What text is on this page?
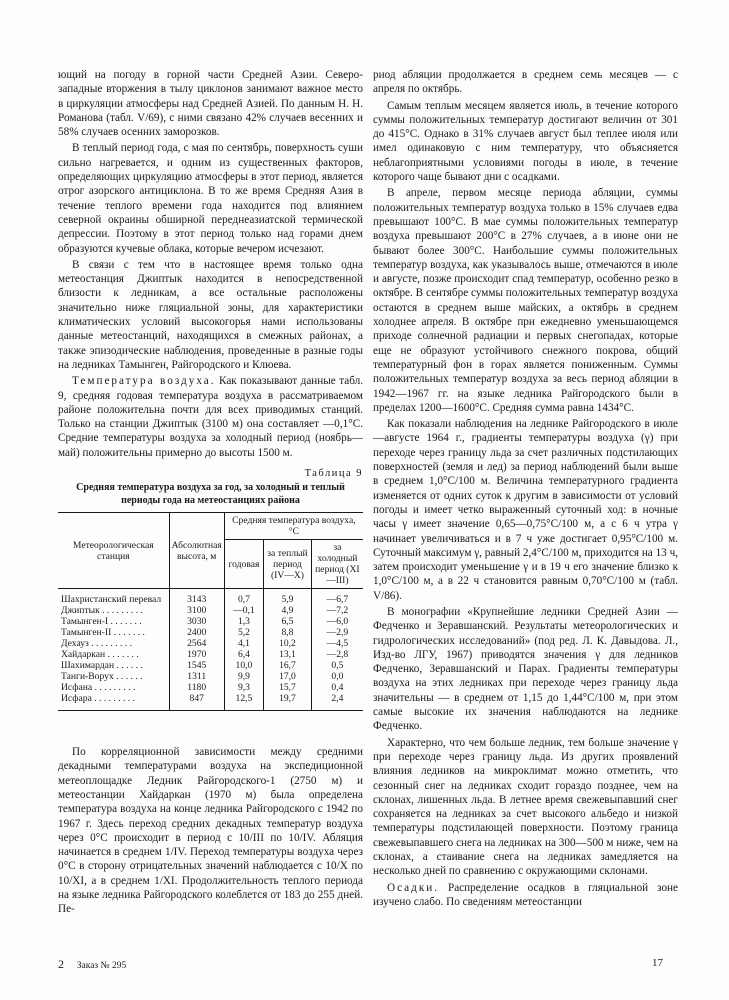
ющий на погоду в горной части Средней Азии. Северо-западные вторжения в тылу циклонов занимают важное место в циркуляции атмосферы над Средней Азией. По данным Н. Н. Романова (табл. V/69), с ними связано 42% случаев весенних и 58% случаев осенних заморозков.

В теплый период года, с мая по сентябрь, поверхность суши сильно нагревается, и одним из существенных факторов, определяющих циркуляцию атмосферы в этот период, является отрог азорского антициклона. В то же время Средняя Азия в течение теплого времени года находится под влиянием северной окраины обширной переднеазиатской термической депрессии. Поэтому в этот период только над горами днем образуются кучевые облака, которые вечером исчезают.

В связи с тем что в настоящее время только одна метеостанция Джиптык находится в непосредственной близости к ледникам, а все остальные расположены значительно ниже гляциальной зоны, для характеристики климатических условий высокогорья нами использованы данные метеостанций, находящихся в смежных районах, а также эпизодические наблюдения, проведенные в разные годы на ледниках Тамынген, Райгородского и Клюева.

Температура воздуха. Как показывают данные табл. 9, средняя годовая температура воздуха в рассматриваемом районе положительна почти для всех приводимых станций. Только на станции Джиптык (3100 м) она составляет —0,1°С. Средние температуры воздуха за холодный период (ноябрь—май) положительны примерно до высоты 1500 м.

Таблица 9
Средняя температура воздуха за год, за холодный и теплый периоды года на метеостанциях района
Метеорологическая станция	Абсолютная высота, м	Средняя температура воздуха, °С		
		годовая	за теплый период (IV—X)	за холодный период (XI—III)
Шахристанский перевал	3143	0,7	5,9	—6,7
Джиптык . . . . . . . . .	3100	—0,1	4,9	—7,2
Тамынген-I . . . . . . .	3030	1,3	6,5	—6,0
Тамынген-II . . . . . . .	2400	5,2	8,8	—2,9
Дехауз . . . . . . . . .	2564	4,1	10,2	—4,5
Хайдаркан . . . . . . .	1970	6,4	13,1	—2,8
Шахимардан . . . . . .	1545	10,0	16,7	0,5
Танги-Ворух . . . . . .	1311	9,9	17,0	0,0
Исфана . . . . . . . . .	1180	9,3	15,7	0,4
Исфара . . . . . . . . .	847	12,5	19,7	2,4

По корреляционной зависимости между средними декадными температурами воздуха на экспедиционной метеоплощадке Ледник Райгородского-1 (2750 м) и метеостанции Хайдаркан (1970 м) была определена температура воздуха на конце ледника Райгородского с 1942 по 1967 г. Здесь переход средних декадных температур воздуха через 0°С происходит в период с 10/III по 10/IV. Абляция начинается в среднем 1/IV. Переход температуры воздуха через 0°С в сторону отрицательных значений наблюдается с 10/X по 10/XI, а в среднем 1/XI. Продолжительность теплого периода на языке ледника Райгородского колеблется от 183 до 255 дней. Пе-

риод абляции продолжается в среднем семь месяцев — с апреля по октябрь.

Самым теплым месяцем является июль, в течение которого суммы положительных температур достигают величин от 301 до 415°С. Однако в 31% случаев август был теплее июля или имел одинаковую с ним температуру, что объясняется неблагоприятными условиями погоды в июле, в течение которого чаще бывают дни с осадками.

В апреле, первом месяце периода абляции, суммы положительных температур воздуха только в 15% случаев едва превышают 100°С. В мае суммы положительных температур воздуха превышают 200°С в 27% случаев, а в июне они не бывают более 300°С. Наибольшие суммы положительных температур воздуха, как указывалось выше, отмечаются в июле и августе, позже происходит спад температур, особенно резко в октябре. В сентябре суммы положительных температур воздуха остаются в среднем выше майских, а октябрь в среднем холоднее апреля. В октябре при ежедневно уменьшающемся приходе солнечной радиации и первых снегопадах, которые еще не образуют устойчивого снежного покрова, общий температурный фон в горах является пониженным. Суммы положительных температур воздуха за весь период абляции в 1942—1967 гг. на языке ледника Райгородского были в пределах 1200—1600°С. Средняя сумма равна 1434°С.

Как показали наблюдения на леднике Райгородского в июле—августе 1964 г., градиенты температуры воздуха (γ) при переходе через границу льда за счет различных подстилающих поверхностей (земля и лед) за период наблюдений были выше в среднем 1,0°С/100 м. Величина температурного градиента изменяется от одних суток к другим в зависимости от условий погоды и имеет четко выраженный суточный ход: в ночные часы γ имеет значение 0,65—0,75°С/100 м, а с 6 ч утра γ начинает увеличиваться и в 7 ч уже достигает 0,95°С/100 м. Суточный максимум γ, равный 2,4°С/100 м, приходится на 13 ч, затем происходит уменьшение γ и в 19 ч его значение близко к 1,0°С/100 м, а в 22 ч становится равным 0,70°С/100 м (табл. V/86).

В монографии «Крупнейшие ледники Средней Азии — Федченко и Зеравшанский. Результаты метеорологических и гидрологических исследований» (под ред. Л. К. Давыдова. Л., Изд-во ЛГУ, 1967) приводятся значения γ для ледников Федченко, Зеравшанский и Парах. Градиенты температуры воздуха на этих ледниках при переходе через границу льда значительны — в среднем от 1,15 до 1,44°С/100 м, при этом самые высокие их значения наблюдаются на леднике Федченко.

Характерно, что чем больше ледник, тем больше значение γ при переходе через границу льда. Из других проявлений влияния ледников на микроклимат можно отметить, что сезонный снег на ледниках сходит гораздо позднее, чем на склонах, лишенных льда. В летнее время свежевыпавший снег сохраняется на ледниках за счет высокого альбедо и низкой температуры подстилающей поверхности. Поэтому граница свежевыпавшего снега на ледниках на 300—500 м ниже, чем на склонах, а стаивание снега на ледниках замедляется на несколько дней по сравнению с окружающими склонами.

Осадки. Распределение осадков в гляциальной зоне изучено слабо. По сведениям метеостанции

2 Заказ № 295	17
